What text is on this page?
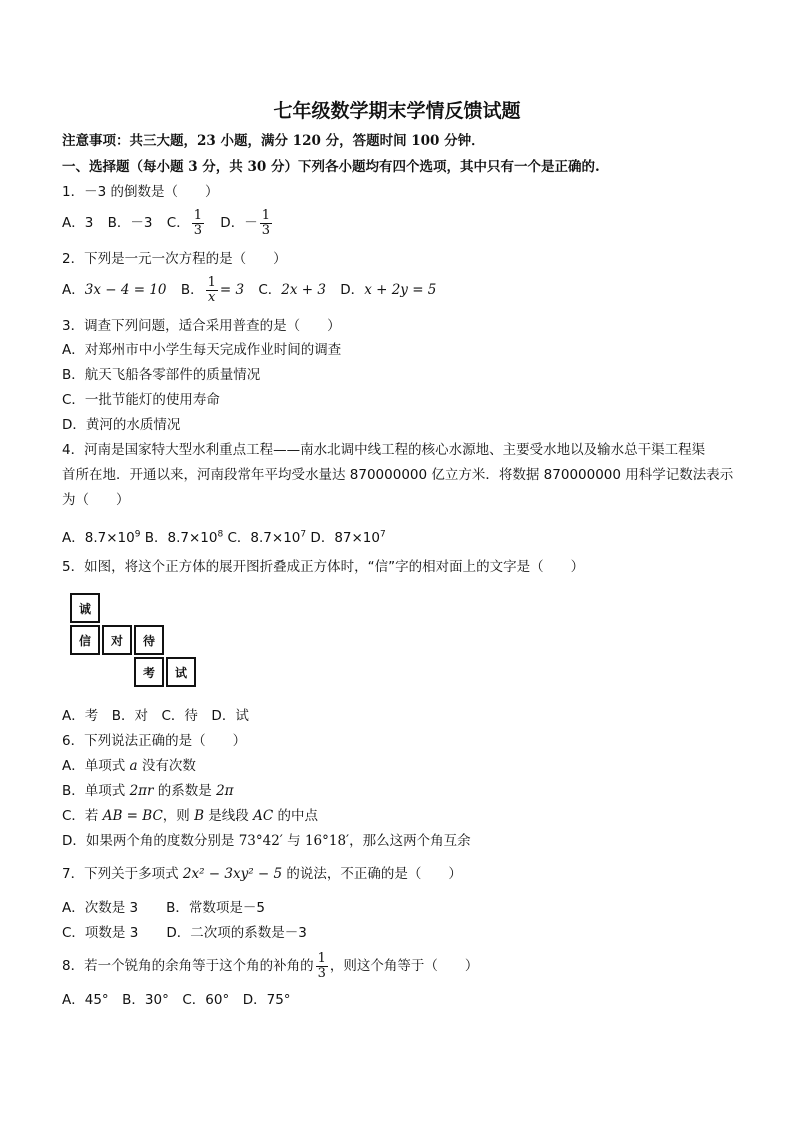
七年级数学期末学情反馈试题
注意事项：共三大题，23 小题，满分 120 分，答题时间 100 分钟．
一、选择题（每小题 3 分，共 30 分）下列各小题均有四个选项，其中只有一个是正确的.
1．－3 的倒数是（　　）
A．3 B．－3 C． $\frac{1}{3}$ D．－ $\frac{1}{3}$
2．下列是一元一次方程的是（　　）
A．3x − 4 = 10 B． $\frac{1}{x} = 3$ C．2x + 3 D．x + 2y = 5
3．调查下列问题，适合采用普查的是（　　）
A．对郑州市中小学生每天完成作业时间的调查
B．航天飞船各零部件的质量情况
C．一批节能灯的使用寿命
D．黄河的水质情况
4．河南是国家特大型水利重点工程——南水北调中线工程的核心水源地、主要受水地以及输水总干渠工程渠
首所在地．开通以来，河南段常年平均受水量达 870000000 亿立方米．将数据 870000000 用科学记数法表示
为（　　）
A．$8.7\times 10^9$ B．$8.7\times 10^8$ C．$8.7\times 10^7$ D．$87\times 10^7$
5．如图，将这个正方体的展开图折叠成正方体时，“信”字的相对面上的文字是（　　）
诚
信	对	待
考	试
A．考　B．对　C．待　D．试
6．下列说法正确的是（　　）
A．单项式 a 没有次数
B．单项式 2πr 的系数是 2π
C．若 AB = BC，则 B 是线段 AC 的中点
D．如果两个角的度数分别是 73°42′ 与 16°18′，那么这两个角互余
7．下列关于多项式 2x² − 3xy² − 5 的说法，不正确的是（　　）
A．次数是 3 B．常数项是－5
C．项数是 3 D．二次项的系数是－3
8．若一个锐角的余角等于这个角的补角的 $\frac{1}{3}$ ，则这个角等于（　　）
A．45°　B．30°　C．60°　D．75°
